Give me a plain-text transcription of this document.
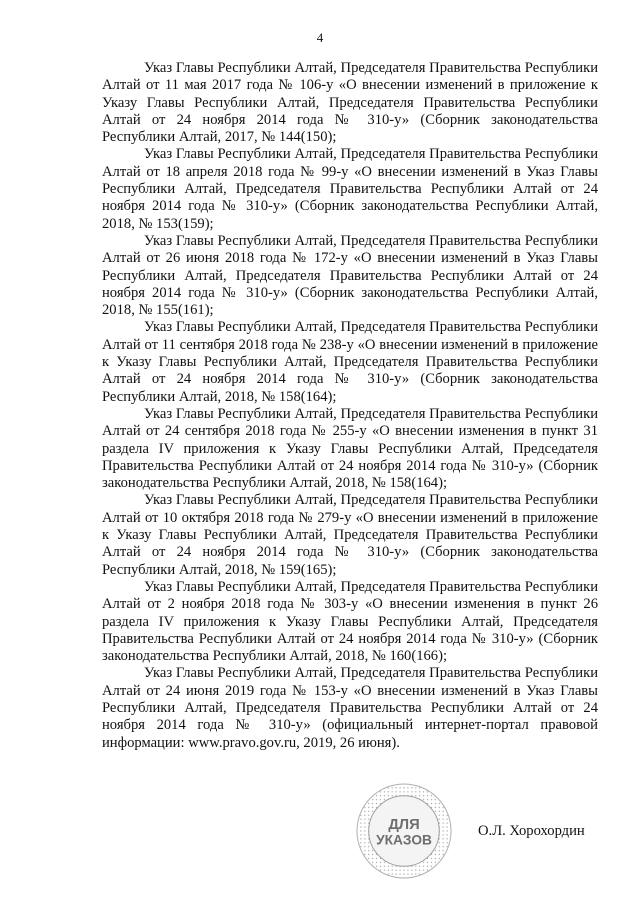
4

Указ Главы Республики Алтай, Председателя Правительства Республики Алтай от 11 мая 2017 года № 106-у «О внесении изменений в приложение к Указу Главы Республики Алтай, Председателя Правительства Республики Алтай от 24 ноября 2014 года № 310-у» (Сборник законодательства Республики Алтай, 2017, № 144(150);

Указ Главы Республики Алтай, Председателя Правительства Республики Алтай от 18 апреля 2018 года № 99-у «О внесении изменений в Указ Главы Республики Алтай, Председателя Правительства Республики Алтай от 24 ноября 2014 года № 310-у» (Сборник законодательства Республики Алтай, 2018, № 153(159);

Указ Главы Республики Алтай, Председателя Правительства Республики Алтай от 26 июня 2018 года № 172-у «О внесении изменений в Указ Главы Республики Алтай, Председателя Правительства Республики Алтай от 24 ноября 2014 года № 310-у» (Сборник законодательства Республики Алтай, 2018, № 155(161);

Указ Главы Республики Алтай, Председателя Правительства Республики Алтай от 11 сентября 2018 года № 238-у «О внесении изменений в приложение к Указу Главы Республики Алтай, Председателя Правительства Республики Алтай от 24 ноября 2014 года № 310-у» (Сборник законодательства Республики Алтай, 2018, № 158(164);

Указ Главы Республики Алтай, Председателя Правительства Республики Алтай от 24 сентября 2018 года № 255-у «О внесении изменения в пункт 31 раздела IV приложения к Указу Главы Республики Алтай, Председателя Правительства Республики Алтай от 24 ноября 2014 года № 310-у» (Сборник законодательства Республики Алтай, 2018, № 158(164);

Указ Главы Республики Алтай, Председателя Правительства Республики Алтай от 10 октября 2018 года № 279-у «О внесении изменений в приложение к Указу Главы Республики Алтай, Председателя Правительства Республики Алтай от 24 ноября 2014 года № 310-у» (Сборник законодательства Республики Алтай, 2018, № 159(165);

Указ Главы Республики Алтай, Председателя Правительства Республики Алтай от 2 ноября 2018 года № 303-у «О внесении изменения в пункт 26 раздела IV приложения к Указу Главы Республики Алтай, Председателя Правительства Республики Алтай от 24 ноября 2014 года № 310-у» (Сборник законодательства Республики Алтай, 2018, № 160(166);

Указ Главы Республики Алтай, Председателя Правительства Республики Алтай от 24 июня 2019 года № 153-у «О внесении изменений в Указ Главы Республики Алтай, Председателя Правительства Республики Алтай от 24 ноября 2014 года № 310-у» (официальный интернет-портал правовой информации: www.pravo.gov.ru, 2019, 26 июня).

ДЛЯ
УКАЗОВ
О.Л. Хорохордин
